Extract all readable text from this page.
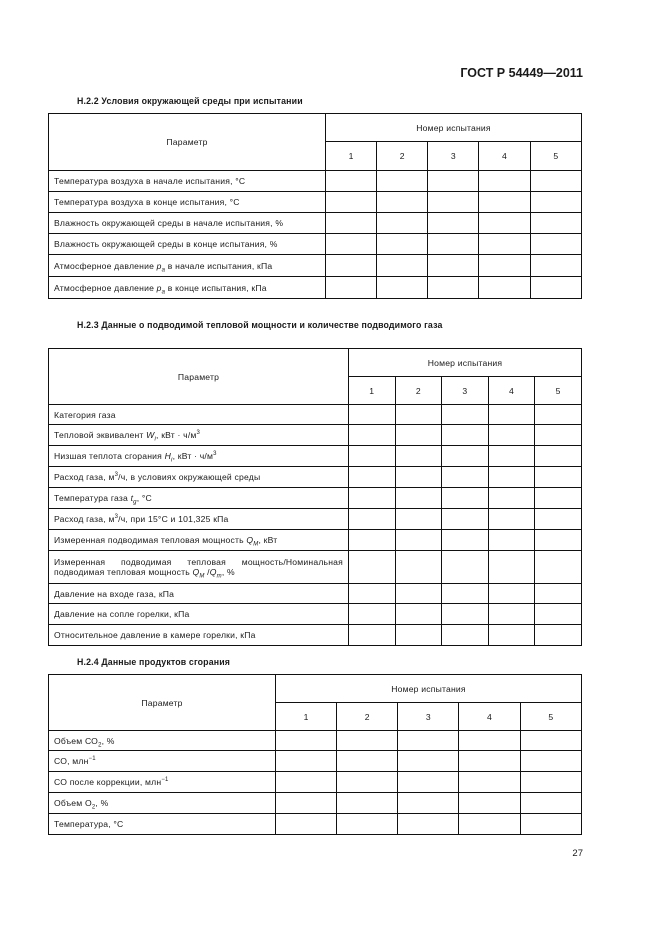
ГОСТ Р 54449—2011
Н.2.2 Условия окружающей среды при испытании
Параметр	Номер испытания				
	1	2	3	4	5
Температура воздуха в начале испытания, °С					
Температура воздуха в конце испытания, °С					
Влажность окружающей среды в начале испытания, %					
Влажность окружающей среды в конце испытания, %					
Атмосферное давление $p_a$ в начале испытания, кПа					
Атмосферное давление $p_a$ в конце испытания, кПа					
Н.2.3 Данные о подводимой тепловой мощности и количестве подводимого газа
Параметр	Номер испытания				
	1	2	3	4	5
Категория газа					
Тепловой эквивалент $W_i$, кВт · $ч/м^3$					
Низшая теплота сгорания $H_i$, кВт · $ч/м^3$					
Расход газа, $м^3/ч$, в условиях окружающей среды					
Температура газа $t_g$, °С					
Расход газа, $м^3/ч$, при 15°С и 101,325 кПа					
Измеренная подводимая тепловая мощность $Q_M$, кВт					
Измеренная подводимая тепловая мощность/Номинальная подводимая тепловая мощность $Q_M$ $/Q_m$, %					
Давление на входе газа, кПа					
Давление на сопле горелки, кПа					
Относительное давление в камере горелки, кПа					
Н.2.4 Данные продуктов сгорания
Параметр	Номер испытания				
	1	2	3	4	5
Объем $СО_2$, %					
СО, млн$^{-1}$					
СО после коррекции, млн$^{-1}$					
Объем $О_2$, %					
Температура, °С					
27
